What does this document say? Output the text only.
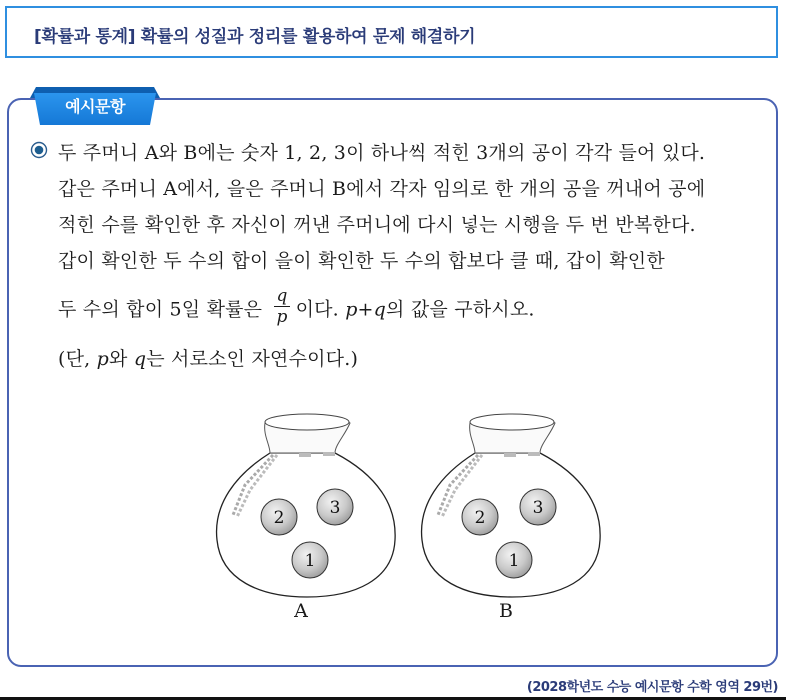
[확률과 통계] 확률의 성질과 정리를 활용하여 문제 해결하기
예시문항
두 주머니 A와 B에는 숫자 1, 2, 3이 하나씩 적힌 3개의 공이 각각 들어 있다.
갑은 주머니 A에서, 을은 주머니 B에서 각자 임의로 한 개의 공을 꺼내어 공에
적힌 수를 확인한 후 자신이 꺼낸 주머니에 다시 넣는 시행을 두 번 반복한다.
갑이 확인한 두 수의 합이 을이 확인한 두 수의 합보다 클 때, 갑이 확인한
두 수의 합이 5일 확률은 $\frac{q}{p}$ 이다. p+q의 값을 구하시오.
(단, p와 q는 서로소인 자연수이다.)
2	3
1
A
2	3
1
B
(2028학년도 수능 예시문항 수학 영역 29번)
